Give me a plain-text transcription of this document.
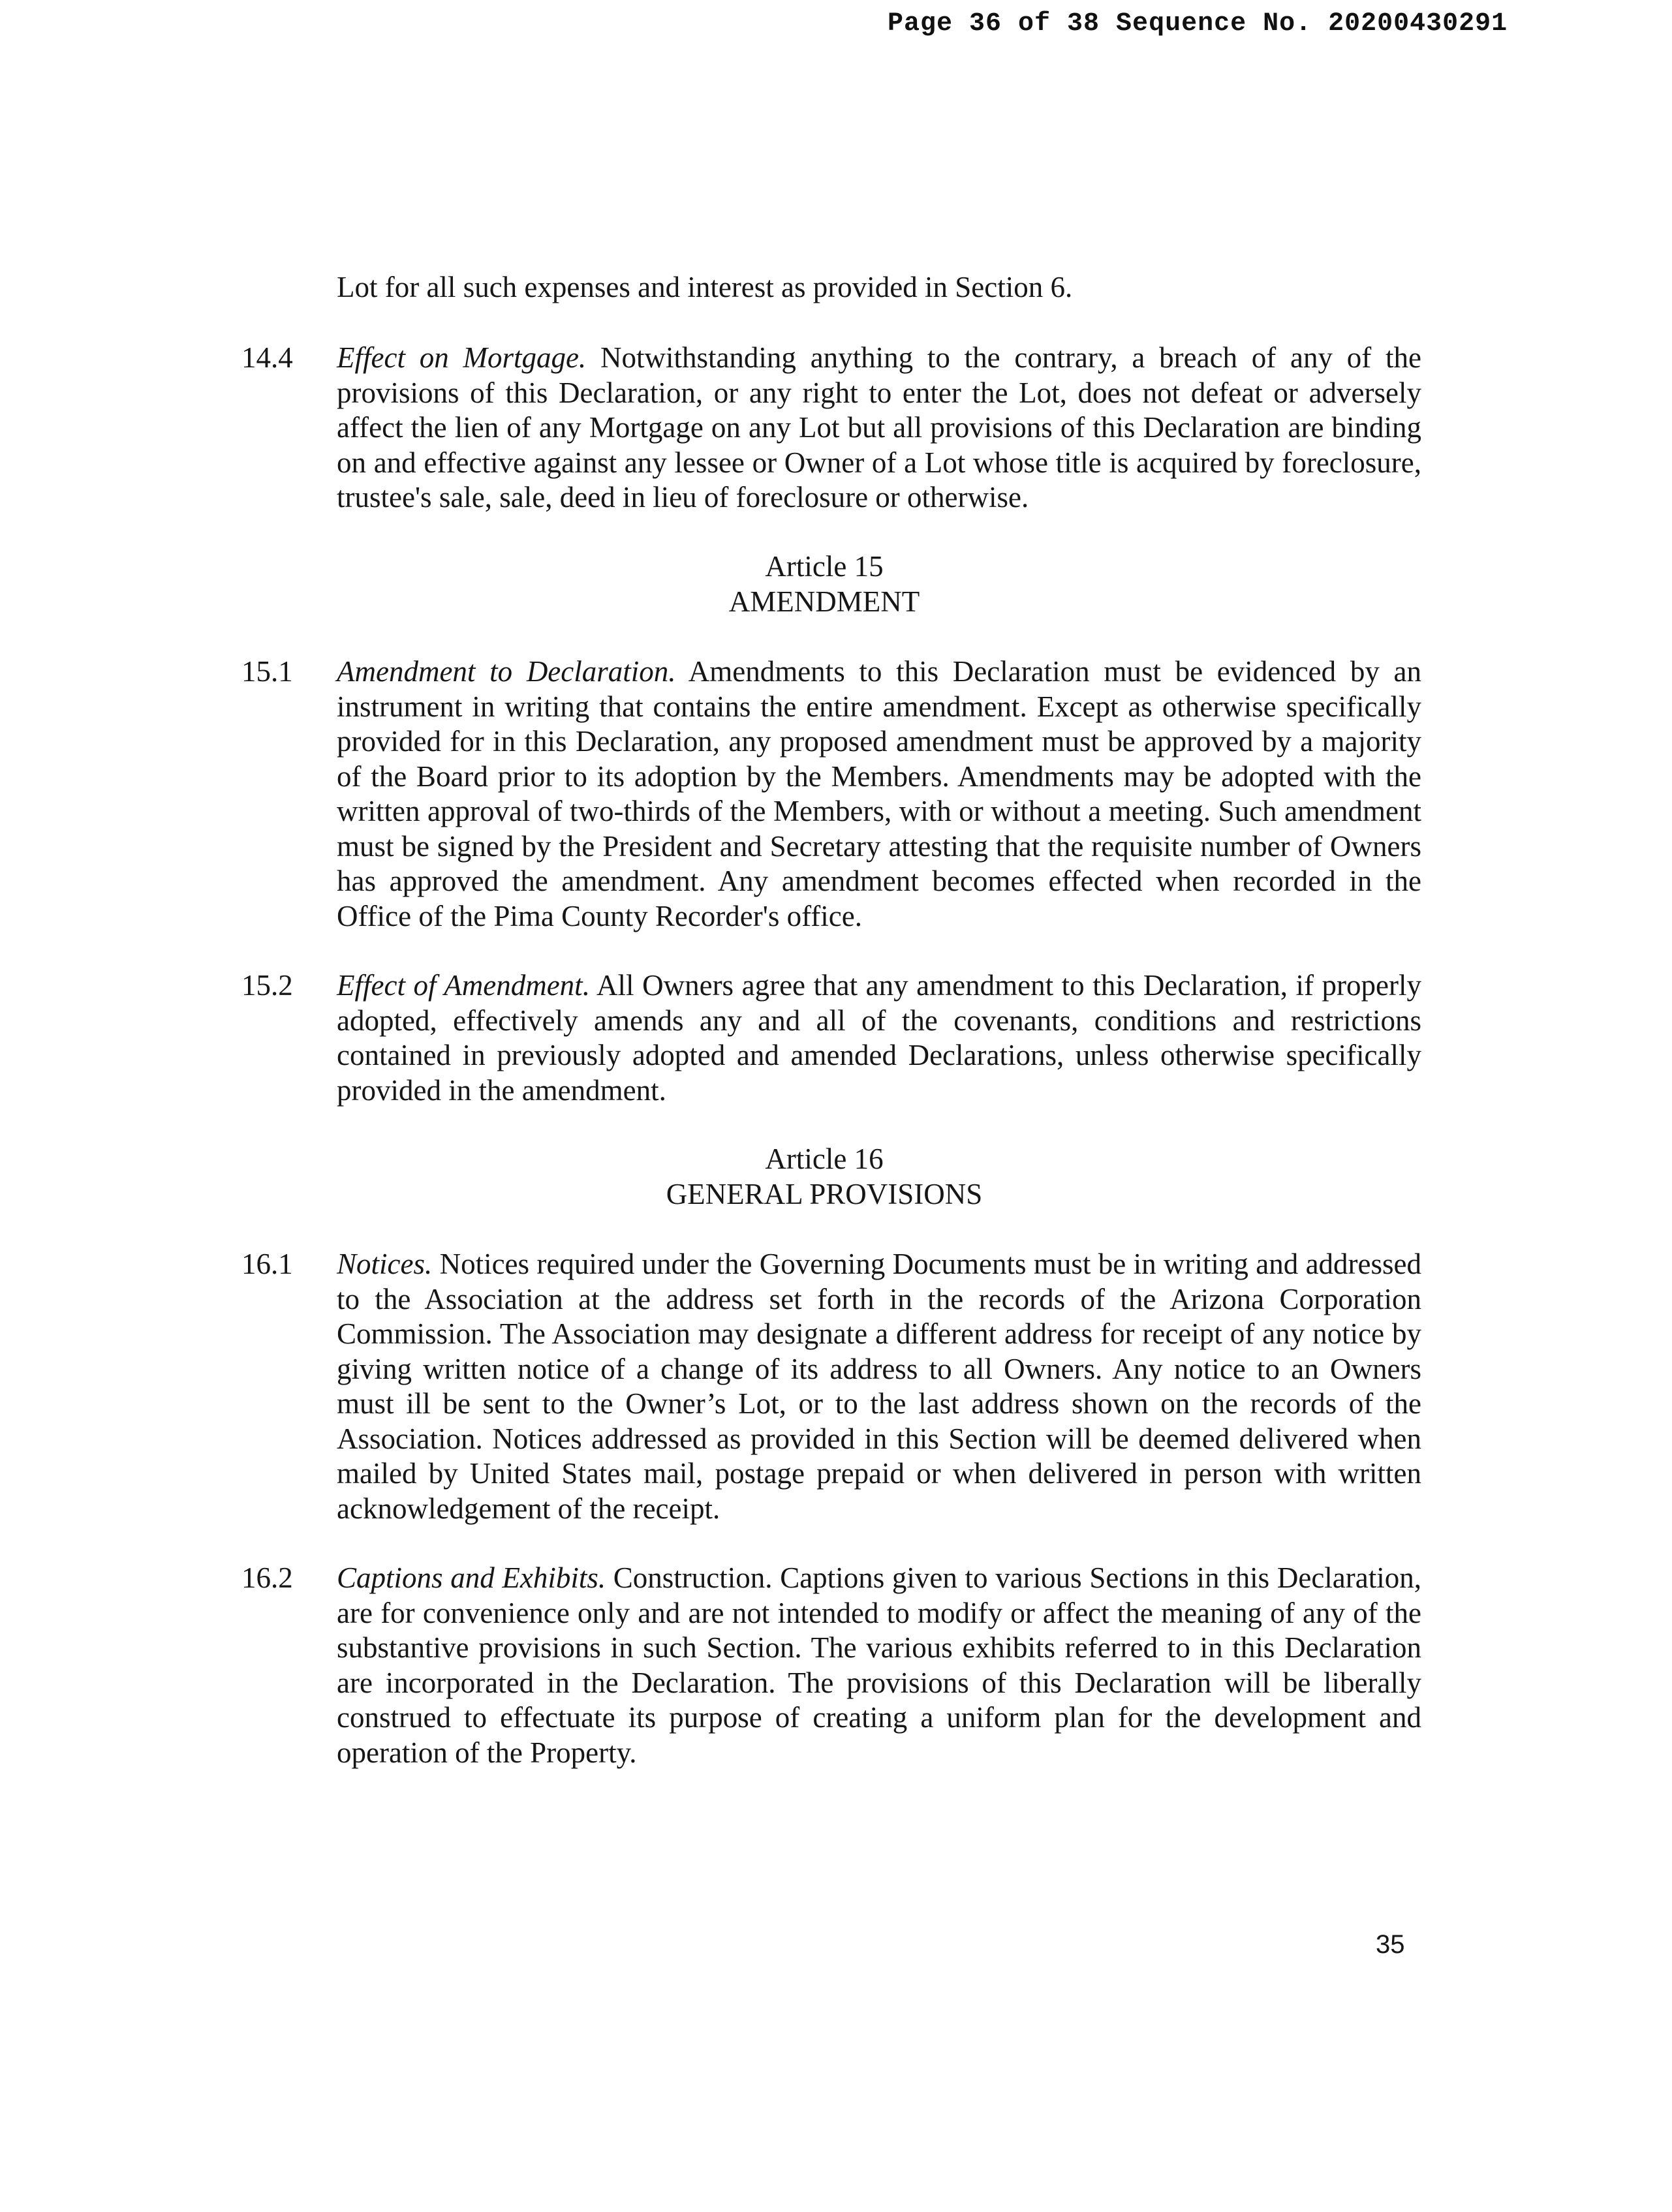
Page 36 of 38 Sequence No. 20200430291
Lot for all such expenses and interest as provided in Section 6.
14.4 Effect on Mortgage. Notwithstanding anything to the contrary, a breach of any of the provisions of this Declaration, or any right to enter the Lot, does not defeat or adversely affect the lien of any Mortgage on any Lot but all provisions of this Declaration are binding on and effective against any lessee or Owner of a Lot whose title is acquired by foreclosure, trustee's sale, sale, deed in lieu of foreclosure or otherwise.
Article 15
AMENDMENT
15.1 Amendment to Declaration. Amendments to this Declaration must be evidenced by an instrument in writing that contains the entire amendment. Except as otherwise specifically provided for in this Declaration, any proposed amendment must be approved by a majority of the Board prior to its adoption by the Members. Amendments may be adopted with the written approval of two-thirds of the Members, with or without a meeting. Such amendment must be signed by the President and Secretary attesting that the requisite number of Owners has approved the amendment. Any amendment becomes effected when recorded in the Office of the Pima County Recorder's office.
15.2 Effect of Amendment. All Owners agree that any amendment to this Declaration, if properly adopted, effectively amends any and all of the covenants, conditions and restrictions contained in previously adopted and amended Declarations, unless otherwise specifically provided in the amendment.
Article 16
GENERAL PROVISIONS
16.1 Notices. Notices required under the Governing Documents must be in writing and addressed to the Association at the address set forth in the records of the Arizona Corporation Commission. The Association may designate a different address for receipt of any notice by giving written notice of a change of its address to all Owners. Any notice to an Owners must ill be sent to the Owner’s Lot, or to the last address shown on the records of the Association. Notices addressed as provided in this Section will be deemed delivered when mailed by United States mail, postage prepaid or when delivered in person with written acknowledgement of the receipt.
16.2 Captions and Exhibits. Construction. Captions given to various Sections in this Declaration, are for convenience only and are not intended to modify or affect the meaning of any of the substantive provisions in such Section. The various exhibits referred to in this Declaration are incorporated in the Declaration. The provisions of this Declaration will be liberally construed to effectuate its purpose of creating a uniform plan for the development and operation of the Property.
35
